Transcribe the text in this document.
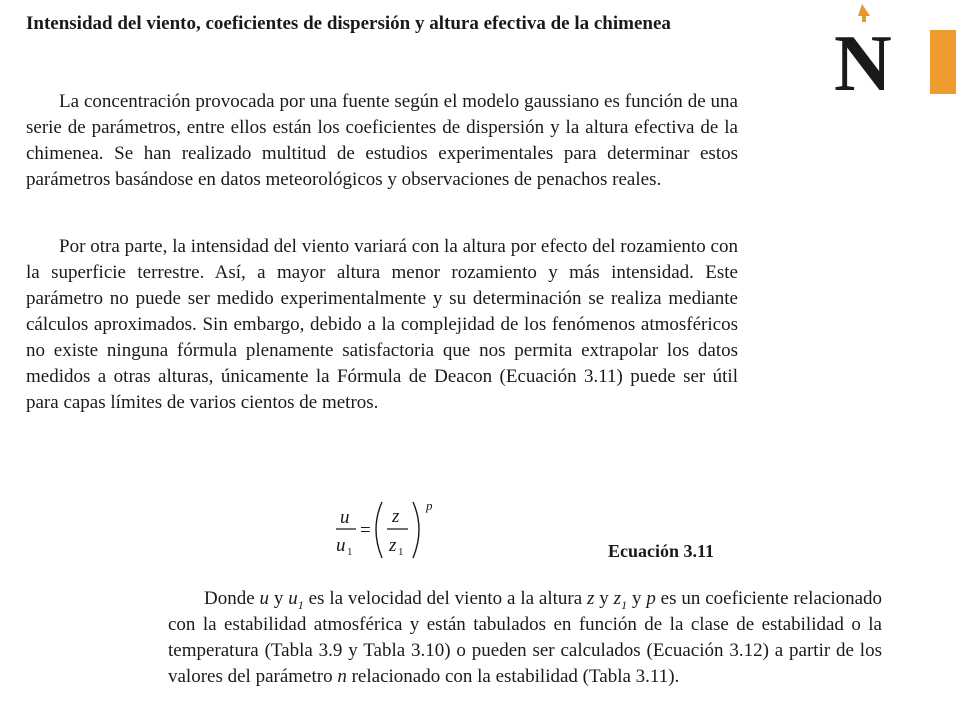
Intensidad del viento, coeficientes de dispersión y altura efectiva de la chimenea

La concentración provocada por una fuente según el modelo gaussiano es función de una serie de parámetros, entre ellos están los coeficientes de dispersión y la altura efectiva de la chimenea. Se han realizado multitud de estudios experimentales para determinar estos parámetros basándose en datos meteorológicos y observaciones de penachos reales.

Por otra parte, la intensidad del viento variará con la altura por efecto del rozamiento con la superficie terrestre. Así, a mayor altura menor rozamiento y más intensidad. Este parámetro no puede ser medido experimentalmente y su determinación se realiza mediante cálculos aproximados. Sin embargo, debido a la complejidad de los fenómenos atmosféricos no existe ninguna fórmula plenamente satisfactoria que nos permita extrapolar los datos medidos a otras alturas, únicamente la Fórmula de Deacon (Ecuación 3.11) puede ser útil para capas límites de varios cientos de metros.

u
u 1
=
z
z 1
p
Ecuación 3.11

Donde u y $u_1$ es la velocidad del viento a la altura z y $z_1$ y p es un coeficiente relacionado con la estabilidad atmosférica y están tabulados en función de la clase de estabilidad o la temperatura (Tabla 3.9 y Tabla 3.10) o pueden ser calculados (Ecuación 3.12) a partir de los valores del parámetro n relacionado con la estabilidad (Tabla 3.11).

N
